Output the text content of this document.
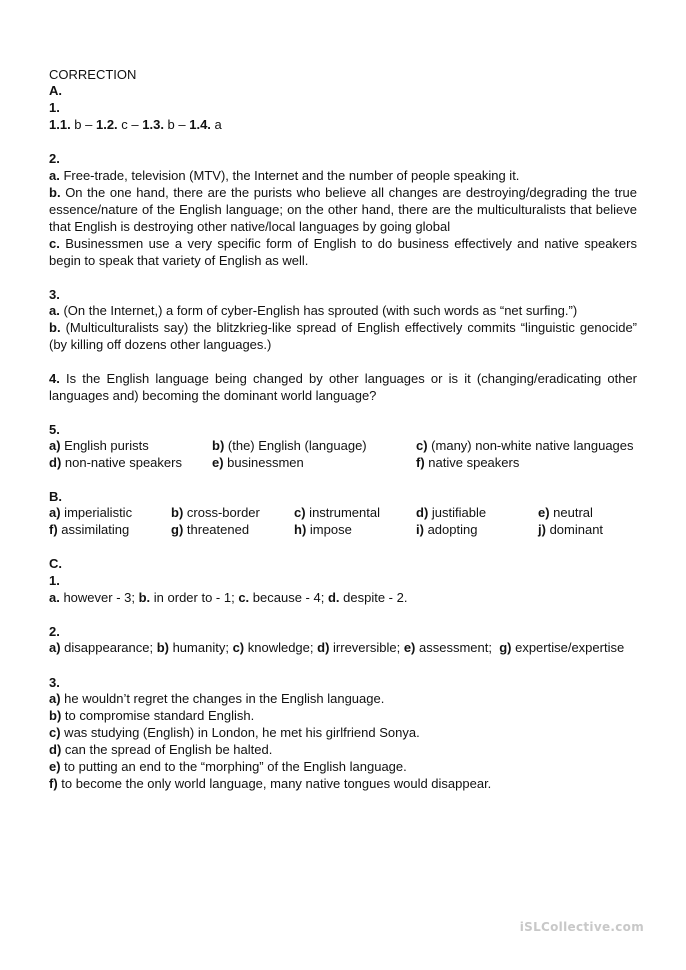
CORRECTION
A.
1.
1.1. b – 1.2. c – 1.3. b – 1.4. a
2.
a. Free-trade, television (MTV), the Internet and the number of people speaking it.
b. On the one hand, there are the purists who believe all changes are destroying/degrading the true essence/nature of the English language; on the other hand, there are the multiculturalists that believe that English is destroying other native/local languages by going global
c. Businessmen use a very specific form of English to do business effectively and native speakers begin to speak that variety of English as well.
3.
a. (On the Internet,) a form of cyber-English has sprouted (with such words as “net surfing.”)
b. (Multiculturalists say) the blitzkrieg-like spread of English effectively commits “linguistic genocide” (by killing off dozens other languages.)
4. Is the English language being changed by other languages or is it (changing/eradicating other languages and) becoming the dominant world language?
5.
a) English purists	b) (the) English (language)	c) (many) non-white native languages
d) non-native speakers e) businessmen	f) native speakers
B.
a) imperialistic	b) cross-border	c) instrumental	d) justifiable	e) neutral
f) assimilating	g) threatened	h) impose	i) adopting	j) dominant
C.
1.
a. however - 3; b. in order to - 1; c. because - 4; d. despite - 2.
2.
a) disappearance; b) humanity; c) knowledge; d) irreversible; e) assessment;  g) expertise/expertise
3.
a) he wouldn’t regret the changes in the English language.
b) to compromise standard English.
c) was studying (English) in London, he met his girlfriend Sonya.
d) can the spread of English be halted.
e) to putting an end to the “morphing” of the English language.
f) to become the only world language, many native tongues would disappear.
iSLCollective.com
